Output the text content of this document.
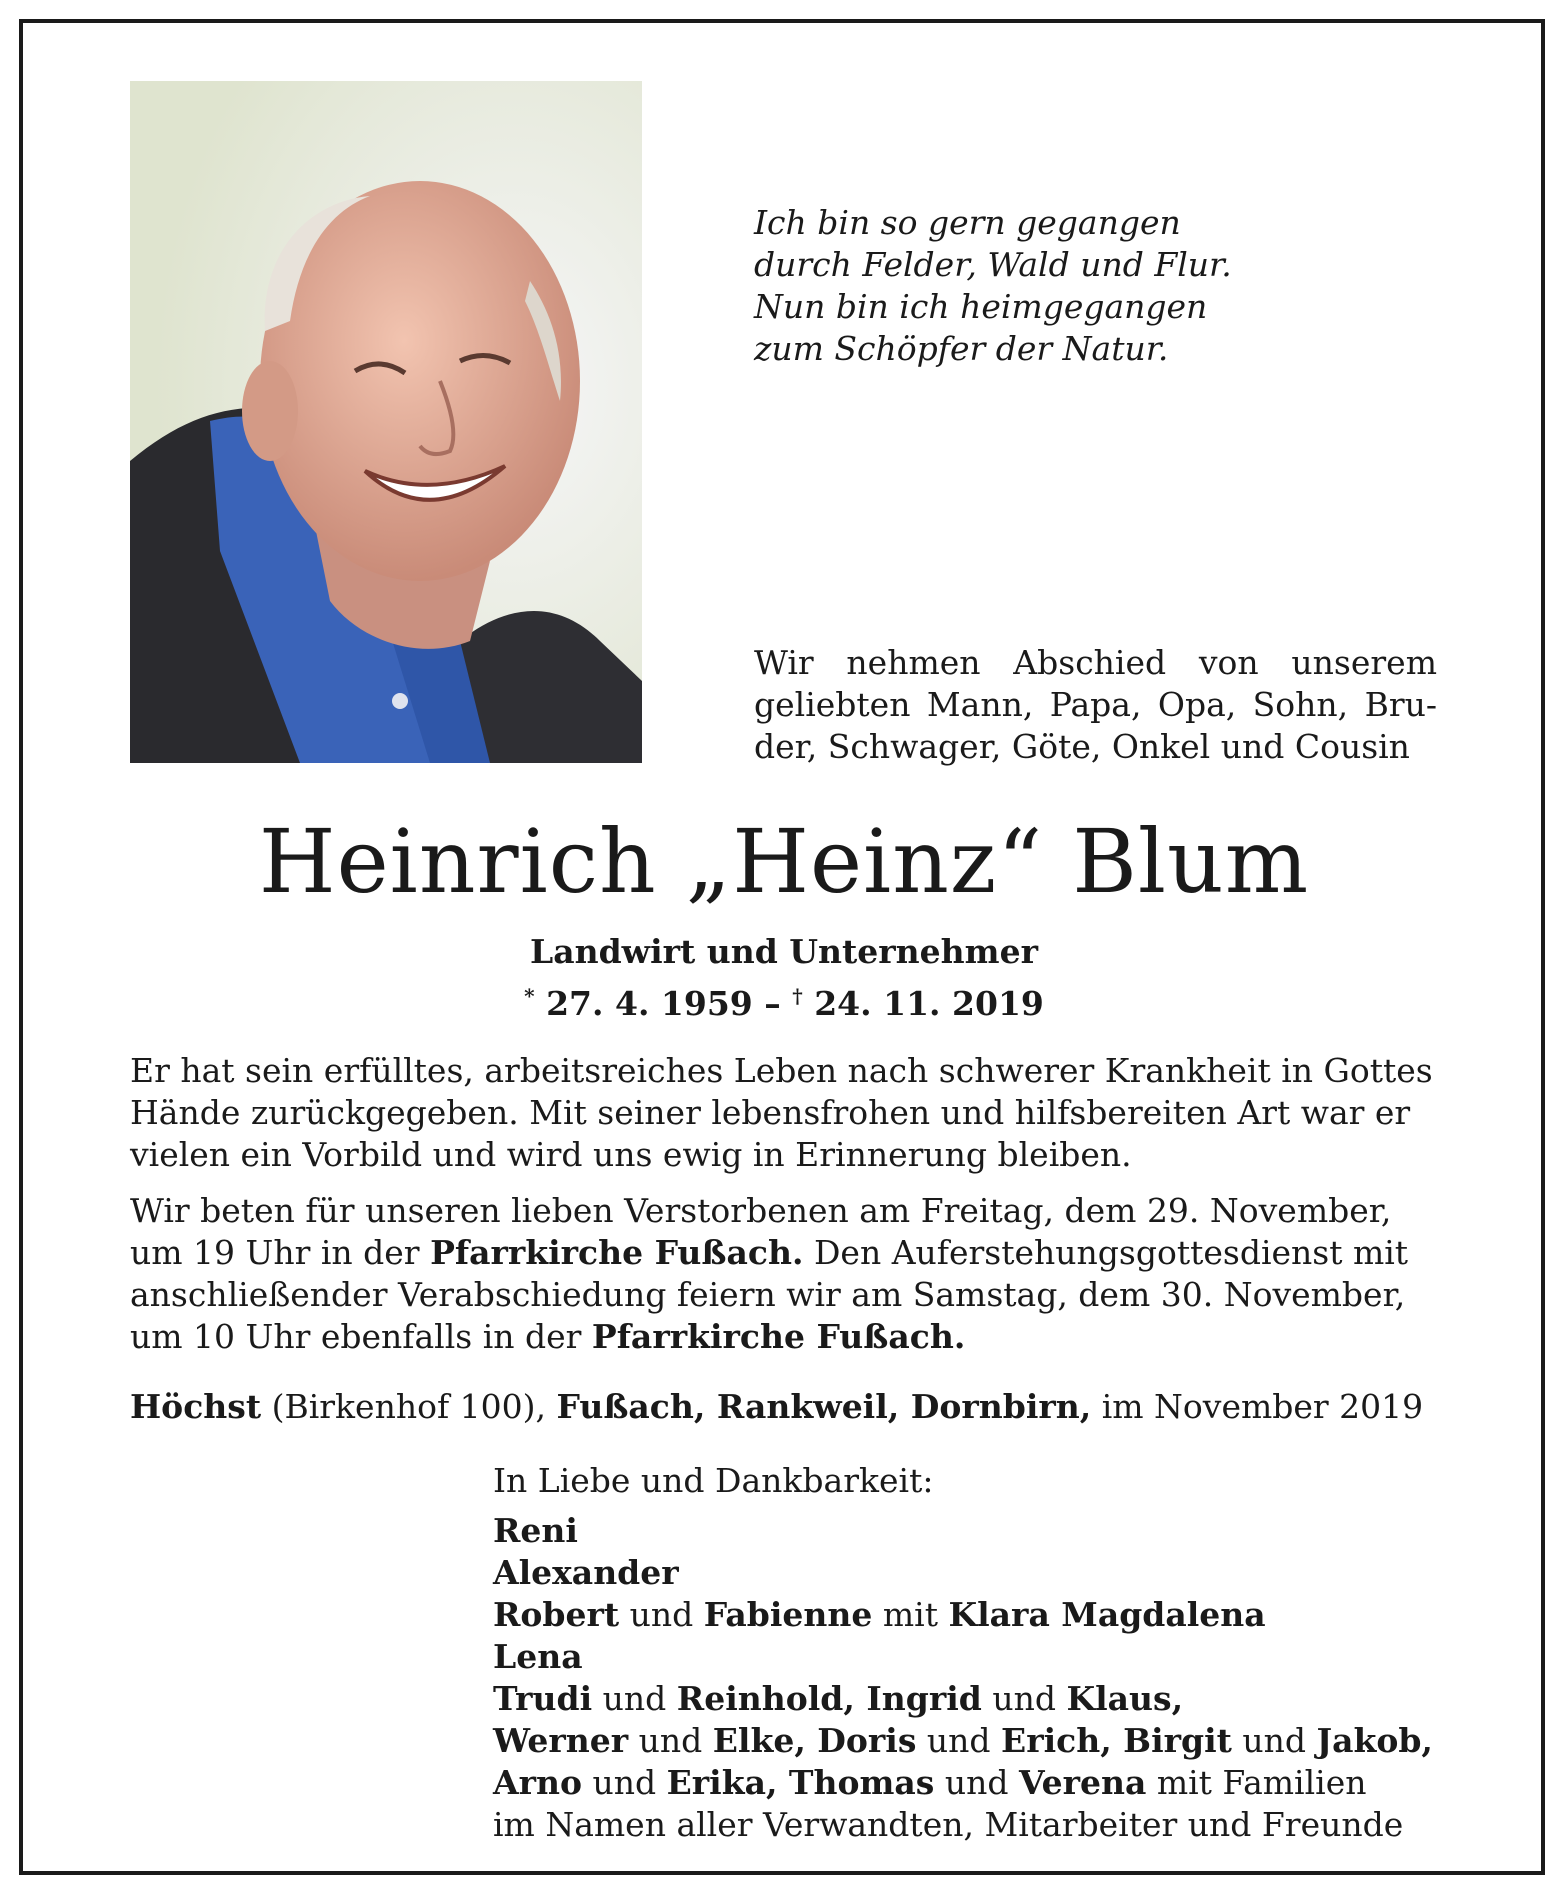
Ich bin so gern gegangen
durch Felder, Wald und Flur.
Nun bin ich heimgegangen
zum Schöpfer der Natur.
Wir nehmen Abschied von unserem
geliebten Mann, Papa, Opa, Sohn, Bru-
der, Schwager, Göte, Onkel und Cousin
Heinrich „Heinz“ Blum
Landwirt und Unternehmer
* 27. 4. 1959 – † 24. 11. 2019
Er hat sein erfülltes, arbeitsreiches Leben nach schwerer Krankheit in Gottes
Hände zurückgegeben. Mit seiner lebensfrohen und hilfsbereiten Art war er
vielen ein Vorbild und wird uns ewig in Erinnerung bleiben.
Wir beten für unseren lieben Verstorbenen am Freitag, dem 29. November,
um 19 Uhr in der Pfarrkirche Fußach. Den Auferstehungsgottesdienst mit
anschließender Verabschiedung feiern wir am Samstag, dem 30. November,
um 10 Uhr ebenfalls in der Pfarrkirche Fußach.
Höchst (Birkenhof 100), Fußach, Rankweil, Dornbirn, im November 2019
In Liebe und Dankbarkeit:
Reni
Alexander
Robert und Fabienne mit Klara Magdalena
Lena
Trudi und Reinhold, Ingrid und Klaus,
Werner und Elke, Doris und Erich, Birgit und Jakob,
Arno und Erika, Thomas und Verena mit Familien
im Namen aller Verwandten, Mitarbeiter und Freunde
